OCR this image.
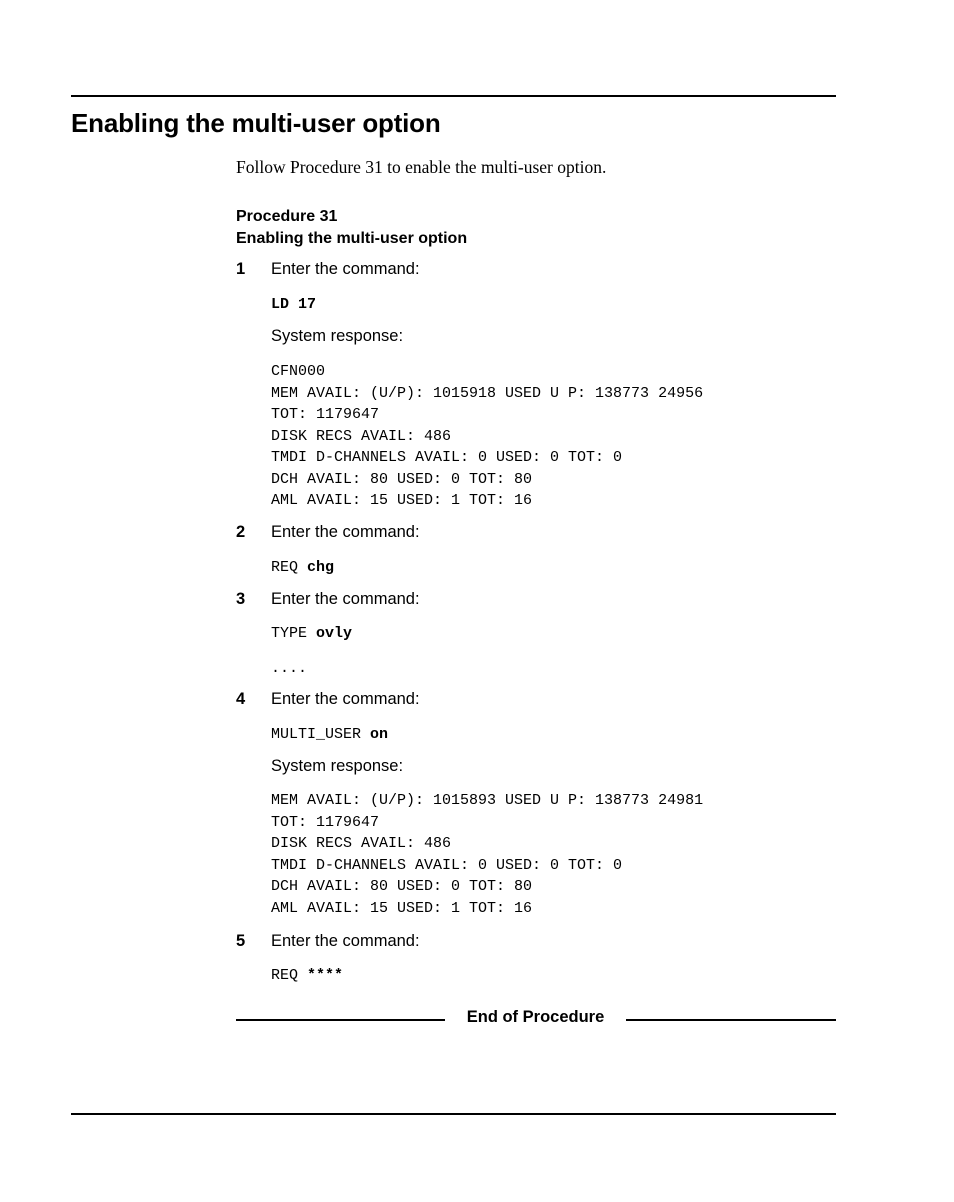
Enabling the multi-user option

Follow Procedure 31 to enable the multi-user option.

Procedure 31
Enabling the multi-user option
1 Enter the command:
LD 17
System response:
CFN000
MEM AVAIL: (U/P): 1015918 USED U P: 138773 24956
TOT: 1179647
DISK RECS AVAIL: 486
TMDI D-CHANNELS AVAIL: 0 USED: 0 TOT: 0
DCH AVAIL: 80 USED: 0 TOT: 80
AML AVAIL: 15 USED: 1 TOT: 16
2 Enter the command:
REQ chg
3 Enter the command:
TYPE ovly
....
4 Enter the command:
MULTI_USER on
System response:
MEM AVAIL: (U/P): 1015893 USED U P: 138773 24981
TOT: 1179647
DISK RECS AVAIL: 486
TMDI D-CHANNELS AVAIL: 0 USED: 0 TOT: 0
DCH AVAIL: 80 USED: 0 TOT: 80
AML AVAIL: 15 USED: 1 TOT: 16
5 Enter the command:
REQ ****
End of Procedure
